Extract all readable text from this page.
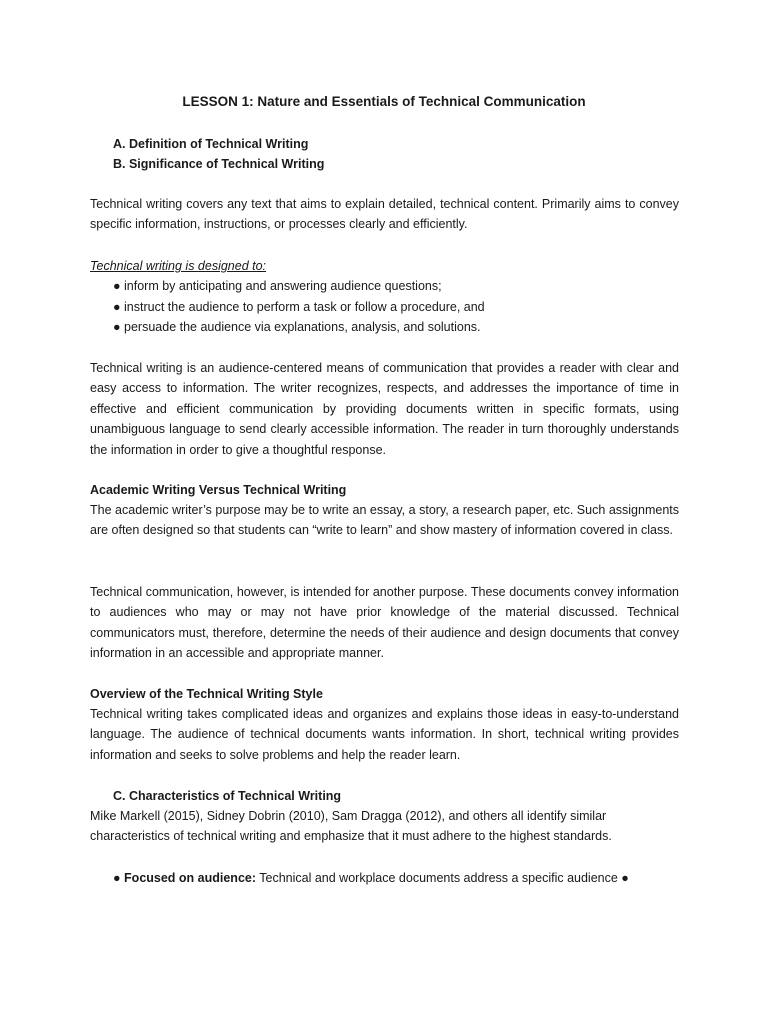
LESSON 1: Nature and Essentials of Technical Communication
A. Definition of Technical Writing
B. Significance of Technical Writing
Technical writing covers any text that aims to explain detailed, technical content. Primarily aims to convey specific information, instructions, or processes clearly and efficiently.
Technical writing is designed to:
● inform by anticipating and answering audience questions;
● instruct the audience to perform a task or follow a procedure, and
● persuade the audience via explanations, analysis, and solutions.
Technical writing is an audience-centered means of communication that provides a reader with clear and easy access to information. The writer recognizes, respects, and addresses the importance of time in effective and efficient communication by providing documents written in specific formats, using unambiguous language to send clearly accessible information. The reader in turn thoroughly understands the information in order to give a thoughtful response.
Academic Writing Versus Technical Writing
The academic writer’s purpose may be to write an essay, a story, a research paper, etc. Such assignments are often designed so that students can “write to learn” and show mastery of information covered in class.
Technical communication, however, is intended for another purpose. These documents convey information to audiences who may or may not have prior knowledge of the material discussed. Technical communicators must, therefore, determine the needs of their audience and design documents that convey information in an accessible and appropriate manner.
Overview of the Technical Writing Style
Technical writing takes complicated ideas and organizes and explains those ideas in easy-to-understand language. The audience of technical documents wants information. In short, technical writing provides information and seeks to solve problems and help the reader learn.
C. Characteristics of Technical Writing
Mike Markell (2015), Sidney Dobrin (2010), Sam Dragga (2012), and others all identify similar
characteristics of technical writing and emphasize that it must adhere to the highest standards.
● Focused on audience: Technical and workplace documents address a specific audience ●
